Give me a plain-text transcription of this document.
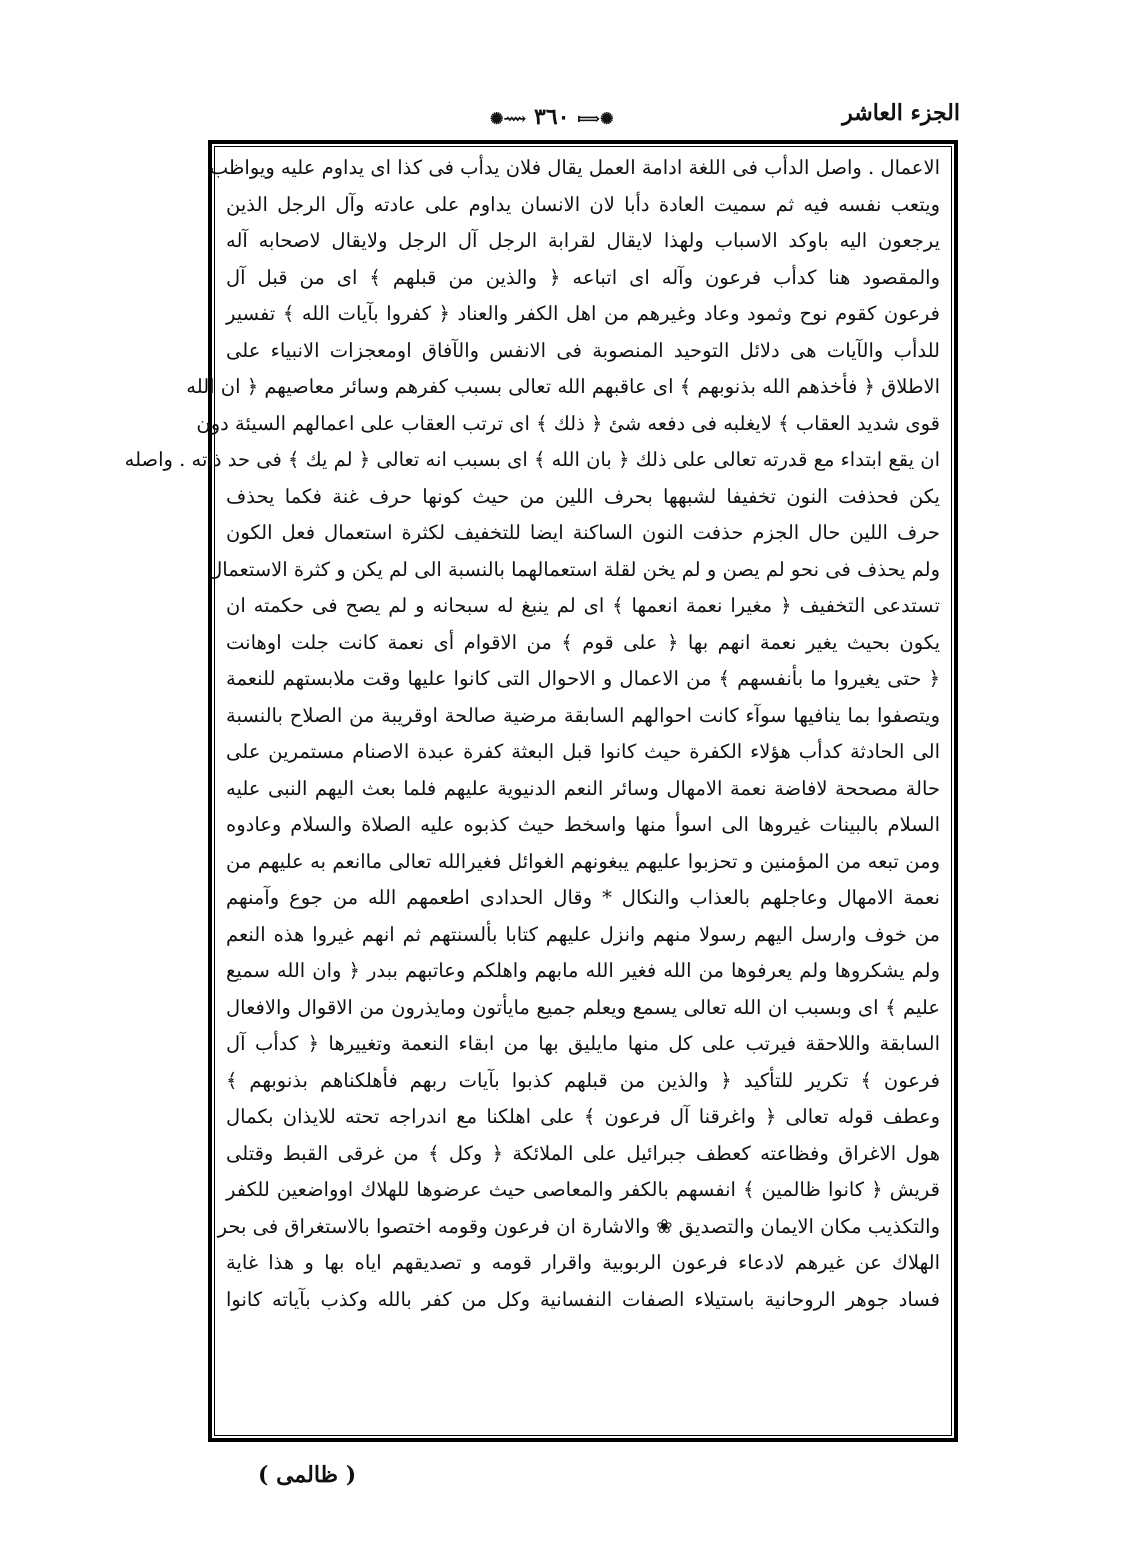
الجزء العاشر
✺⟿ ٣٦٠ ⟾✺
الاعمال . واصل الدأب فى اللغة ادامة العمل يقال فلان يدأب فى كذا اى يداوم عليه ويواظب
ويتعب نفسه فيه ثم سميت العادة دأبا لان الانسان يداوم على عادته وآل الرجل الذين
يرجعون اليه باوكد الاسباب ولهذا لايقال لقرابة الرجل آل الرجل ولايقال لاصحابه آله
والمقصود هنا كدأب فرعون وآله اى اتباعه ﴿ والذين من قبلهم ﴾ اى من قبل آل
فرعون كقوم نوح وثمود وعاد وغيرهم من اهل الكفر والعناد ﴿ كفروا بآيات الله ﴾ تفسير
للدأب والآيات هى دلائل التوحيد المنصوبة فى الانفس والآفاق اومعجزات الانبياء على
الاطلاق ﴿ فأخذهم الله بذنوبهم ﴾ اى عاقبهم الله تعالى بسبب كفرهم وسائر معاصيهم ﴿ ان الله
قوى شديد العقاب ﴾ لايغلبه فى دفعه شئ ﴿ ذلك ﴾ اى ترتب العقاب على اعمالهم السيئة دون
ان يقع ابتداء مع قدرته تعالى على ذلك ﴿ بان الله ﴾ اى بسبب انه تعالى ﴿ لم يك ﴾ فى حد ذاته . واصله
يكن فحذفت النون تخفيفا لشبهها بحرف اللين من حيث كونها حرف غنة فكما يحذف
حرف اللين حال الجزم حذفت النون الساكنة ايضا للتخفيف لكثرة استعمال فعل الكون
ولم يحذف فى نحو لم يصن و لم يخن لقلة استعمالهما بالنسبة الى لم يكن و كثرة الاستعمال
تستدعى التخفيف ﴿ مغيرا نعمة انعمها ﴾ اى لم ينبغ له سبحانه و لم يصح فى حكمته ان
يكون بحيث يغير نعمة انهم بها ﴿ على قوم ﴾ من الاقوام أى نعمة كانت جلت اوهانت
﴿ حتى يغيروا ما بأنفسهم ﴾ من الاعمال و الاحوال التى كانوا عليها وقت ملابستهم للنعمة
ويتصفوا بما ينافيها سوآء كانت احوالهم السابقة مرضية صالحة اوقريبة من الصلاح بالنسبة
الى الحادثة كدأب هؤلاء الكفرة حيث كانوا قبل البعثة كفرة عبدة الاصنام مستمرين على
حالة مصححة لافاضة نعمة الامهال وسائر النعم الدنيوية عليهم فلما بعث اليهم النبى عليه
السلام بالبينات غيروها الى اسوأ منها واسخط حيث كذبوه عليه الصلاة والسلام وعادوه
ومن تبعه من المؤمنين و تحزبوا عليهم يبغونهم الغوائل فغيرالله تعالى ماانعم به عليهم من
نعمة الامهال وعاجلهم بالعذاب والنكال * وقال الحدادى اطعمهم الله من جوع وآمنهم
من خوف وارسل اليهم رسولا منهم وانزل عليهم كتابا بألسنتهم ثم انهم غيروا هذه النعم
ولم يشكروها ولم يعرفوها من الله فغير الله مابهم واهلكم وعاتبهم ببدر ﴿ وان الله سميع
عليم ﴾ اى وبسبب ان الله تعالى يسمع ويعلم جميع مايأتون ومايذرون من الاقوال والافعال
السابقة واللاحقة فيرتب على كل منها مايليق بها من ابقاء النعمة وتغييرها ﴿ كدأب آل
فرعون ﴾ تكرير للتأكيد ﴿ والذين من قبلهم كذبوا بآيات ربهم فأهلكناهم بذنوبهم ﴾
وعطف قوله تعالى ﴿ واغرقنا آل فرعون ﴾ على اهلكنا مع اندراجه تحته للايذان بكمال
هول الاغراق وفظاعته كعطف جبرائيل على الملائكة ﴿ وكل ﴾ من غرقى القبط وقتلى
قريش ﴿ كانوا ظالمين ﴾ انفسهم بالكفر والمعاصى حيث عرضوها للهلاك اوواضعين للكفر
والتكذيب مكان الايمان والتصديق ❀ والاشارة ان فرعون وقومه اختصوا بالاستغراق فى بحر
الهلاك عن غيرهم لادعاء فرعون الربوبية واقرار قومه و تصديقهم اياه بها و هذا غاية
فساد جوهر الروحانية باستيلاء الصفات النفسانية وكل من كفر بالله وكذب بآياته كانوا
( ظالمى )
